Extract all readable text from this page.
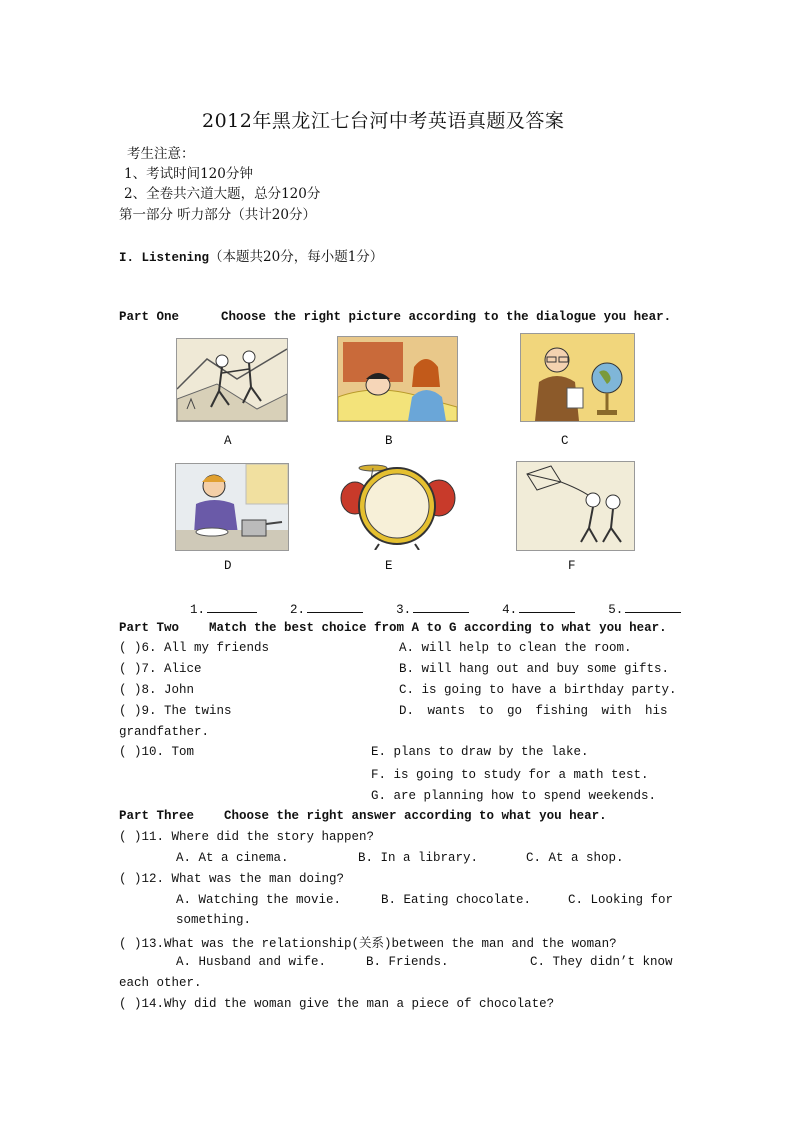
2012年黑龙江七台河中考英语真题及答案
考生注意：
1、考试时间120分钟
2、全卷共六道大题，总分120分
第一部分 听力部分（共计20分）
I. Listening（本题共20分，每小题1分）
Part One	Choose the right picture according to the dialogue you hear.
A	B	C
D	E	F
1.	2.	3.	4.	5.
Part Two Match the best choice from A to G according to what you hear.
( )6. All my friends	A. will help to clean the room.
( )7. Alice	B. will hang out and buy some gifts.
( )8. John	C. is going to have a birthday party.
( )9. The twins	D. wants to go fishing with his
grandfather.
( )10. Tom	E. plans to draw by the lake.
F. is going to study for a math test.
G. are planning how to spend weekends.
Part Three Choose the right answer according to what you hear.
( )11. Where did the story happen?
A. At a cinema.	B. In a library.	C. At a shop.
( )12. What was the man doing?
A. Watching the movie.	B. Eating chocolate.	C. Looking for
something.
( )13.What was the relationship(关系)between the man and the woman?
A. Husband and wife.	B. Friends.	C. They didn’t know
each other.
( )14.Why did the woman give the man a piece of chocolate?
